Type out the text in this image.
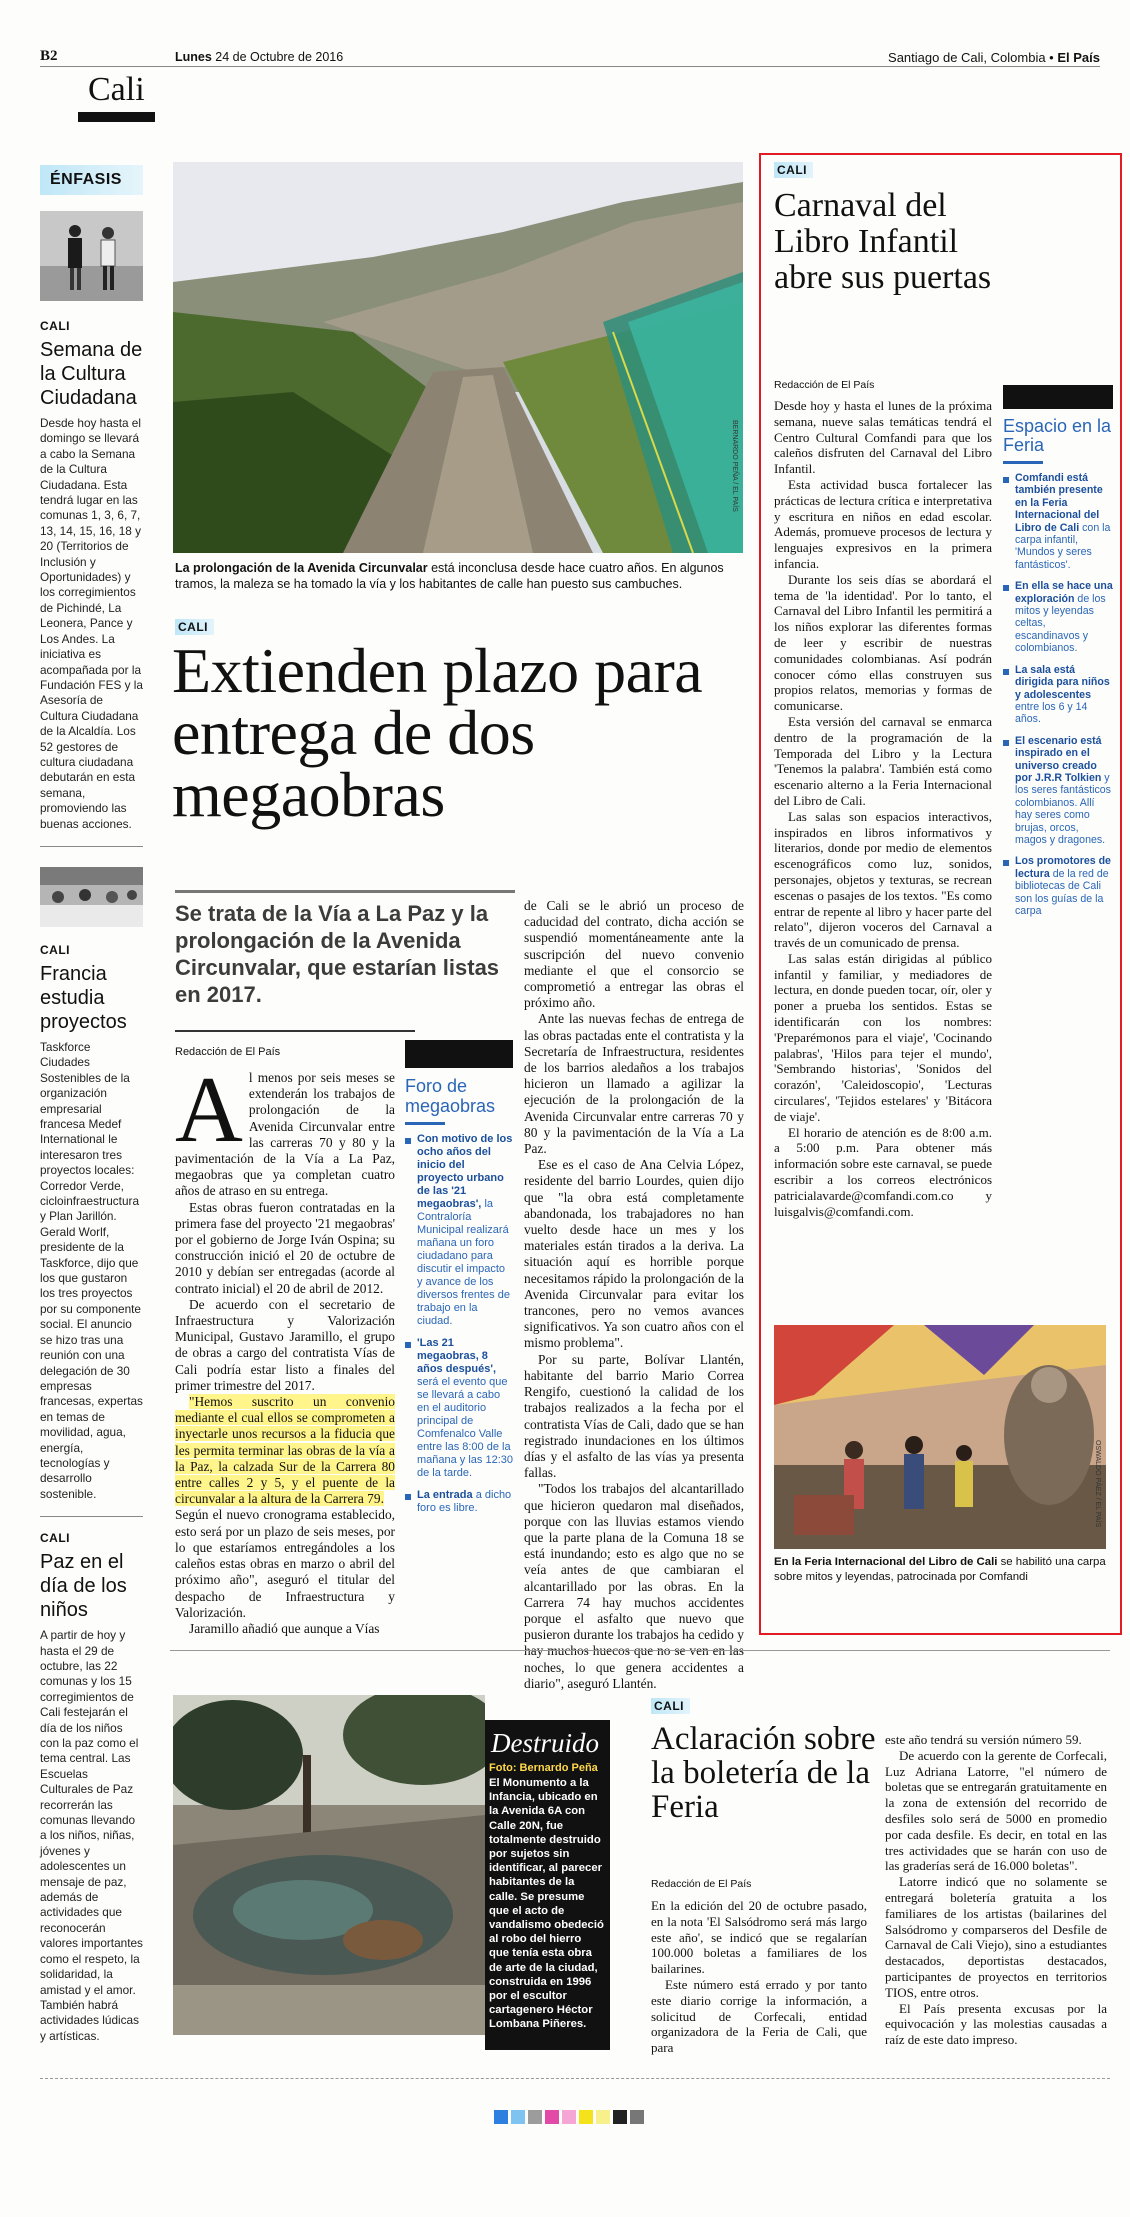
B2	Lunes 24 de Octubre de 2016	Santiago de Cali, Colombia • El País
Cali
ÉNFASIS
CALI
Semana de la Cultura Ciudadana
Desde hoy hasta el domingo se llevará a cabo la Semana de la Cultura Ciudadana. Esta tendrá lugar en las comunas 1, 3, 6, 7, 13, 14, 15, 16, 18 y 20 (Territorios de Inclusión y Oportunidades) y los corregimientos de Pichindé, La Leonera, Pance y Los Andes. La iniciativa es acompañada por la Fundación FES y la Asesoría de Cultura Ciudadana de la Alcaldía. Los 52 gestores de cultura ciudadana debutarán en esta semana, promoviendo las buenas acciones.
CALI
Francia estudia proyectos
Taskforce Ciudades Sostenibles de la organización empresarial francesa Medef International le interesaron tres proyectos locales: Corredor Verde, cicloinfraestructura y Plan Jarillón. Gerald Worlf, presidente de la Taskforce, dijo que los que gustaron los tres proyectos por su componente social. El anuncio se hizo tras una reunión con una delegación de 30 empresas francesas, expertas en temas de movilidad, agua, energía, tecnologías y desarrollo sostenible.
CALI
Paz en el día de los niños
A partir de hoy y hasta el 29 de octubre, las 22 comunas y los 15 corregimientos de Cali festejarán el día de los niños con la paz como el tema central. Las Escuelas Culturales de Paz recorrerán las comunas llevando a los niños, niñas, jóvenes y adolescentes un mensaje de paz, además de actividades que reconocerán valores importantes como el respeto, la solidaridad, la amistad y el amor. También habrá actividades lúdicas y artísticas.
BERNARDO PEÑA / EL PAÍS
La prolongación de la Avenida Circunvalar está inconclusa desde hace cuatro años. En algunos tramos, la maleza se ha tomado la vía y los habitantes de calle han puesto sus cambuches.
CALI
Extienden plazo para entrega de dos megaobras
Se trata de la Vía a La Paz y la prolongación de la Avenida Circunvalar, que estarían listas en 2017.
Redacción de El País
A l menos por seis meses se extenderán los trabajos de prolongación de la Avenida Circunvalar entre las carreras 70 y 80 y la pavimentación de la Vía a La Paz, megaobras que ya completan cuatro años de atraso en su entrega.

Estas obras fueron contratadas en la primera fase del proyecto '21 megaobras' por el gobierno de Jorge Iván Ospina; su construcción inició el 20 de octubre de 2010 y debían ser entregadas (acorde al contrato inicial) el 20 de abril de 2012.

De acuerdo con el secretario de Infraestructura y Valorización Municipal, Gustavo Jaramillo, el grupo de obras a cargo del contratista Vías de Cali podría estar listo a finales del primer trimestre del 2017.

"Hemos suscrito un convenio mediante el cual ellos se comprometen a inyectarle unos recursos a la fiducia que les permita terminar las obras de la vía a la Paz, la calzada Sur de la Carrera 80 entre calles 2 y 5, y el puente de la circunvalar a la altura de la Carrera 79.

Según el nuevo cronograma establecido, esto será por un plazo de seis meses, por lo que estaríamos entregándoles a los caleños estas obras en marzo o abril del próximo año", aseguró el titular del despacho de Infraestructura y Valorización.

Jaramillo añadió que aunque a Vías

Foro de megaobras
Con motivo de los ocho años del inicio del proyecto urbano de las '21 megaobras', la Contraloría Municipal realizará mañana un foro ciudadano para discutir el impacto y avance de los diversos frentes de trabajo en la ciudad.
'Las 21 megaobras, 8 años después', será el evento que se llevará a cabo en el auditorio principal de Comfenalco Valle entre las 8:00 de la mañana y las 12:30 de la tarde.
La entrada a dicho foro es libre.

de Cali se le abrió un proceso de caducidad del contrato, dicha acción se suspendió momentáneamente ante la suscripción del nuevo convenio mediante el que el consorcio se comprometió a entregar las obras el próximo año.

Ante las nuevas fechas de entrega de las obras pactadas ente el contratista y la Secretaría de Infraestructura, residentes de los barrios aledaños a los trabajos hicieron un llamado a agilizar la ejecución de la prolongación de la Avenida Circunvalar entre carreras 70 y 80 y la pavimentación de la Vía a La Paz.

Ese es el caso de Ana Celvia López, residente del barrio Lourdes, quien dijo que "la obra está completamente abandonada, los trabajadores no han vuelto desde hace un mes y los materiales están tirados a la deriva. La situación aquí es horrible porque necesitamos rápido la prolongación de la Avenida Circunvalar para evitar los trancones, pero no vemos avances significativos. Ya son cuatro años con el mismo problema".

Por su parte, Bolívar Llantén, habitante del barrio Mario Correa Rengifo, cuestionó la calidad de los trabajos realizados a la fecha por el contratista Vías de Cali, dado que se han registrado inundaciones en los últimos días y el asfalto de las vías ya presenta fallas.

"Todos los trabajos del alcantarillado que hicieron quedaron mal diseñados, porque con las lluvias estamos viendo que la parte plana de la Comuna 18 se está inundando; esto es algo que no se veía antes de que cambiaran el alcantarillado por las obras. En la Carrera 74 hay muchos accidentes porque el asfalto que nuevo que pusieron durante los trabajos ha cedido y hay muchos huecos que no se ven en las noches, lo que genera accidentes a diario", aseguró Llantén.

CALI
Carnaval del Libro Infantil abre sus puertas
Redacción de El País

Desde hoy y hasta el lunes de la próxima semana, nueve salas temáticas tendrá el Centro Cultural Comfandi para que los caleños disfruten del Carnaval del Libro Infantil.

Esta actividad busca fortalecer las prácticas de lectura crítica e interpretativa y escritura en niños en edad escolar. Además, promueve procesos de lectura y lenguajes expresivos en la primera infancia.

Durante los seis días se abordará el tema de 'la identidad'. Por lo tanto, el Carnaval del Libro Infantil les permitirá a los niños explorar las diferentes formas de leer y escribir de nuestras comunidades colombianas. Así podrán conocer cómo ellas construyen sus propios relatos, memorias y formas de comunicarse.

Esta versión del carnaval se enmarca dentro de la programación de la Temporada del Libro y la Lectura 'Tenemos la palabra'. También está como escenario alterno a la Feria Internacional del Libro de Cali.

Las salas son espacios interactivos, inspirados en libros informativos y literarios, donde por medio de elementos escenográficos como luz, sonidos, personajes, objetos y texturas, se recrean escenas o pasajes de los textos. "Es como entrar de repente al libro y hacer parte del relato", dijeron voceros del Carnaval a través de un comunicado de prensa.

Las salas están dirigidas al público infantil y familiar, y mediadores de lectura, en donde pueden tocar, oír, oler y poner a prueba los sentidos. Estas se identificarán con los nombres: 'Preparémonos para el viaje', 'Cocinando palabras', 'Hilos para tejer el mundo', 'Sembrando historias', 'Sonidos del corazón', 'Caleidoscopio', 'Lecturas circulares', 'Tejidos estelares' y 'Bitácora de viaje'.

El horario de atención es de 8:00 a.m. a 5:00 p.m. Para obtener más información sobre este carnaval, se puede escribir a los correos electrónicos patricialavarde@comfandi.com.co y luisgalvis@comfandi.com.

Espacio en la Feria
Comfandi está también presente en la Feria Internacional del Libro de Cali con la carpa infantil, 'Mundos y seres fantásticos'.
En ella se hace una exploración de los mitos y leyendas celtas, escandinavos y colombianos.
La sala está dirigida para niños y adolescentes entre los 6 y 14 años.
El escenario está inspirado en el universo creado por J.R.R Tolkien y los seres fantásticos colombianos. Allí hay seres como brujas, orcos, magos y dragones.
Los promotores de lectura de la red de bibliotecas de Cali son los guías de la carpa
OSWALDO PÁEZ / EL PAÍS
En la Feria Internacional del Libro de Cali se habilitó una carpa sobre mitos y leyendas, patrocinada por Comfandi
Destruido
Foto: Bernardo Peña
El Monumento a la Infancia, ubicado en la Avenida 6A con Calle 20N, fue totalmente destruido por sujetos sin identificar, al parecer habitantes de la calle. Se presume que el acto de vandalismo obedeció al robo del hierro que tenía esta obra de arte de la ciudad, construida en 1996 por el escultor cartagenero Héctor Lombana Piñeres.
CALI
Aclaración sobre la boletería de la Feria
Redacción de El País

En la edición del 20 de octubre pasado, en la nota 'El Salsódromo será más largo este año', se indicó que se regalarían 100.000 boletas a familiares de los bailarines.

Este número está errado y por tanto este diario corrige la información, a solicitud de Corfecali, entidad organizadora de la Feria de Cali, que para

este año tendrá su versión número 59.

De acuerdo con la gerente de Corfecali, Luz Adriana Latorre, "el número de boletas que se entregarán gratuitamente en la zona de extensión del recorrido de desfiles solo será de 5000 en promedio por cada desfile. Es decir, en total en las tres actividades que se harán con uso de las graderías será de 16.000 boletas".

Latorre indicó que no solamente se entregará boletería gratuita a los familiares de los artistas (bailarines del Salsódromo y comparseros del Desfile de Carnaval de Cali Viejo), sino a estudiantes destacados, deportistas destacados, participantes de proyectos en territorios TIOS, entre otros.

El País presenta excusas por la equivocación y las molestias causadas a raíz de este dato impreso.
